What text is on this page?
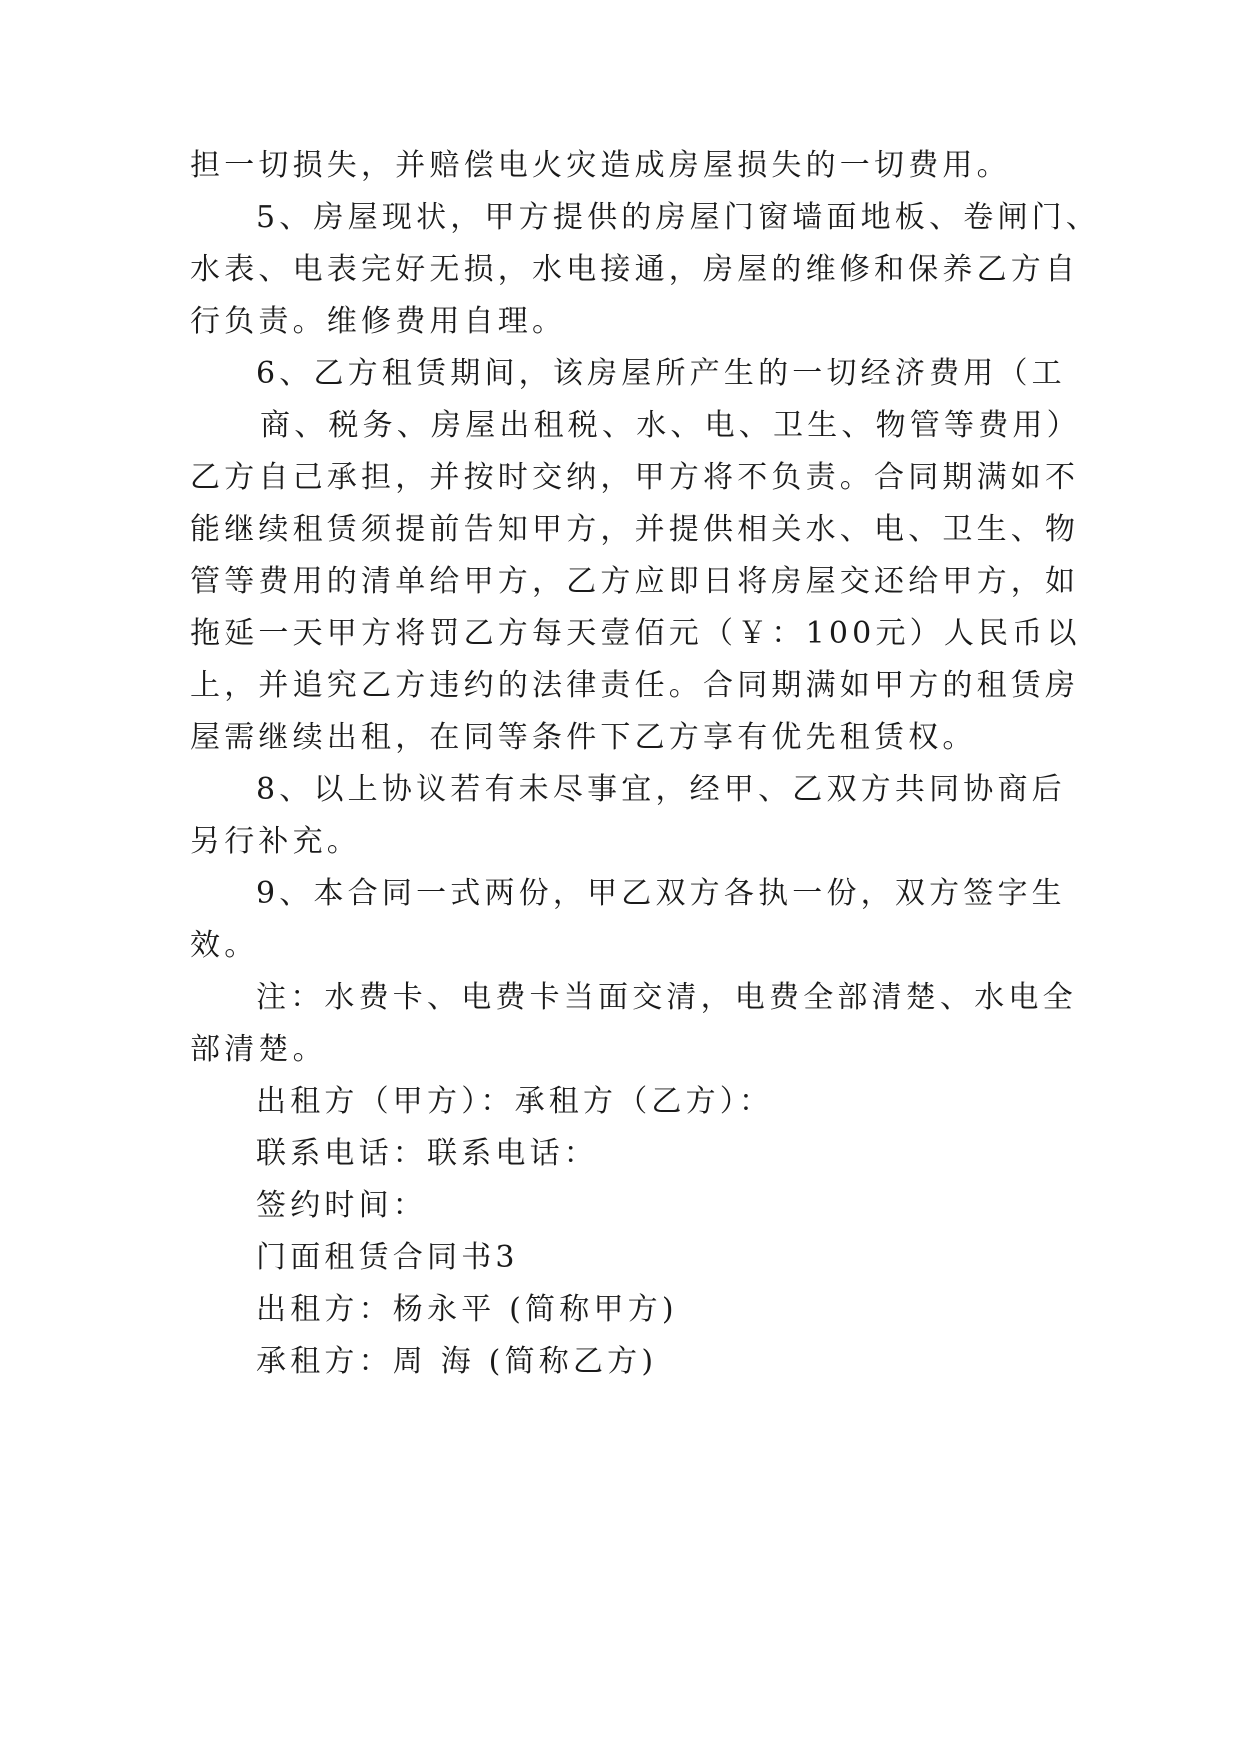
担一切损失，并赔偿电火灾造成房屋损失的一切费用。
5、房屋现状，甲方提供的房屋门窗墙面地板、卷闸门、
水表、电表完好无损，水电接通，房屋的维修和保养乙方自
行负责。维修费用自理。
6、乙方租赁期间，该房屋所产生的一切经济费用（工
商、税务、房屋出租税、水、电、卫生、物管等费用）
乙方自己承担，并按时交纳，甲方将不负责。合同期满如不
能继续租赁须提前告知甲方，并提供相关水、电、卫生、物
管等费用的清单给甲方，乙方应即日将房屋交还给甲方，如
拖延一天甲方将罚乙方每天壹佰元（￥：100元）人民币以
上，并追究乙方违约的法律责任。合同期满如甲方的租赁房
屋需继续出租，在同等条件下乙方享有优先租赁权。
8、以上协议若有未尽事宜，经甲、乙双方共同协商后
另行补充。
9、本合同一式两份，甲乙双方各执一份，双方签字生
效。
注：水费卡、电费卡当面交清，电费全部清楚、水电全
部清楚。
出租方（甲方）：承租方（乙方）：
联系电话：联系电话：
签约时间：
门面租赁合同书3
出租方：杨永平 (简称甲方)
承租方：周 海 (简称乙方)
